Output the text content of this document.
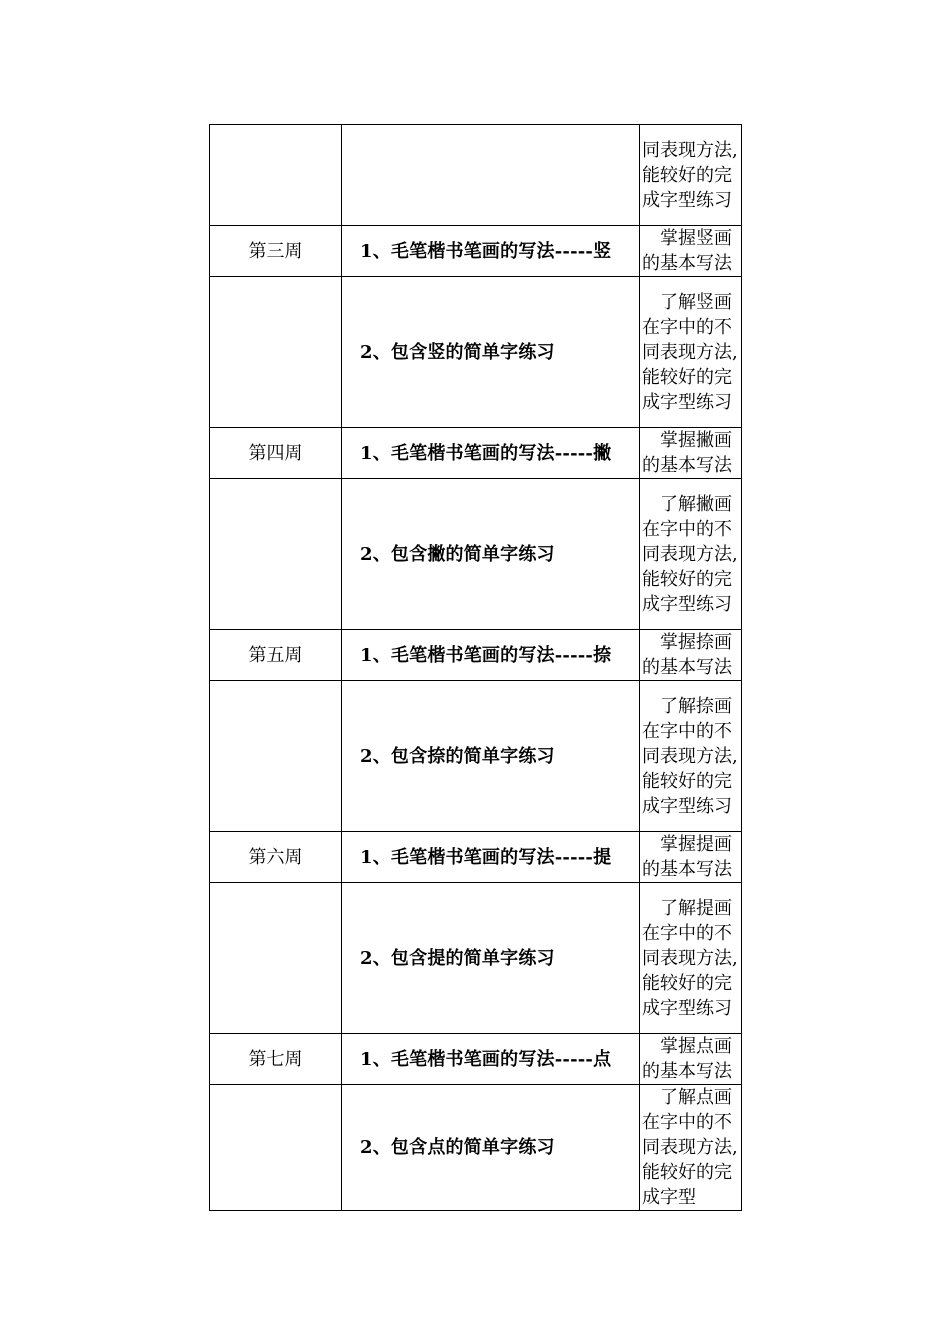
		同表现方法,能较好的完成字型练习
第三周	1、毛笔楷书笔画的写法-----竖	　掌握竖画的基本写法
	2、包含竖的简单字练习	　了解竖画在字中的不同表现方法,能较好的完成字型练习
第四周	1、毛笔楷书笔画的写法-----撇	　掌握撇画的基本写法
	2、包含撇的简单字练习	　了解撇画在字中的不同表现方法,能较好的完成字型练习
第五周	1、毛笔楷书笔画的写法-----捺	　掌握捺画的基本写法
	2、包含捺的简单字练习	　了解捺画在字中的不同表现方法,能较好的完成字型练习
第六周	1、毛笔楷书笔画的写法-----提	　掌握提画的基本写法
	2、包含提的简单字练习	　了解提画在字中的不同表现方法,能较好的完成字型练习
第七周	1、毛笔楷书笔画的写法-----点	　掌握点画的基本写法
	2、包含点的简单字练习	　了解点画在字中的不同表现方法,能较好的完成字型
